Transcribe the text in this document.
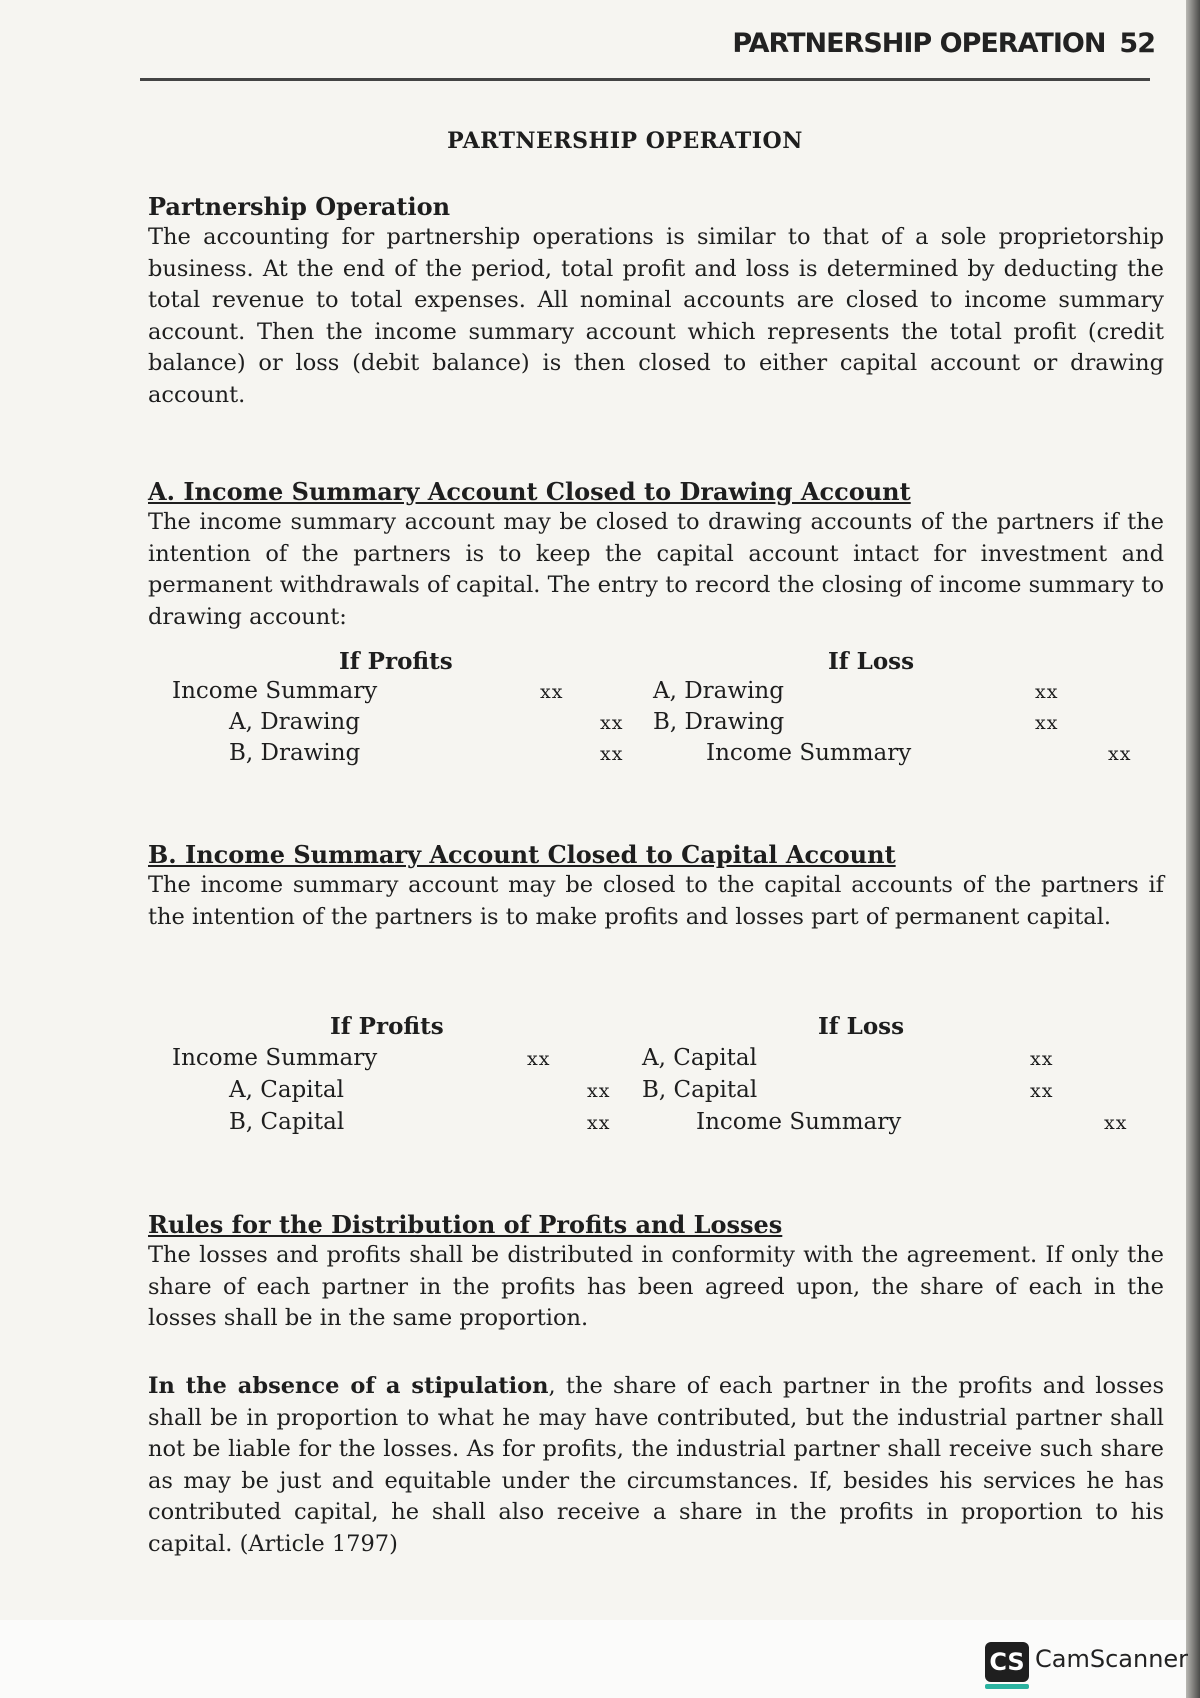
PARTNERSHIP OPERATION 52
PARTNERSHIP OPERATION
Partnership Operation
The accounting for partnership operations is similar to that of a sole proprietorship business. At the end of the period, total profit and loss is determined by deducting the total revenue to total expenses. All nominal accounts are closed to income summary account. Then the income summary account which represents the total profit (credit balance) or loss (debit balance) is then closed to either capital account or drawing account.
A. Income Summary Account Closed to Drawing Account
The income summary account may be closed to drawing accounts of the partners if the intention of the partners is to keep the capital account intact for investment and permanent withdrawals of capital. The entry to record the closing of income summary to drawing account:
If Profits
Income Summary	xx
A, Drawing	xx
B, Drawing	xx
If Loss
A, Drawing	xx
B, Drawing	xx
Income Summary	xx
B. Income Summary Account Closed to Capital Account
The income summary account may be closed to the capital accounts of the partners if the intention of the partners is to make profits and losses part of permanent capital.
If Profits
Income Summary	xx
A, Capital	xx
B, Capital	xx
If Loss
A, Capital	xx
B, Capital	xx
Income Summary	xx
Rules for the Distribution of Profits and Losses
The losses and profits shall be distributed in conformity with the agreement. If only the share of each partner in the profits has been agreed upon, the share of each in the losses shall be in the same proportion.
In the absence of a stipulation, the share of each partner in the profits and losses shall be in proportion to what he may have contributed, but the industrial partner shall not be liable for the losses. As for profits, the industrial partner shall receive such share as may be just and equitable under the circumstances. If, besides his services he has contributed capital, he shall also receive a share in the profits in proportion to his capital. (Article 1797)
CS CamScanner
